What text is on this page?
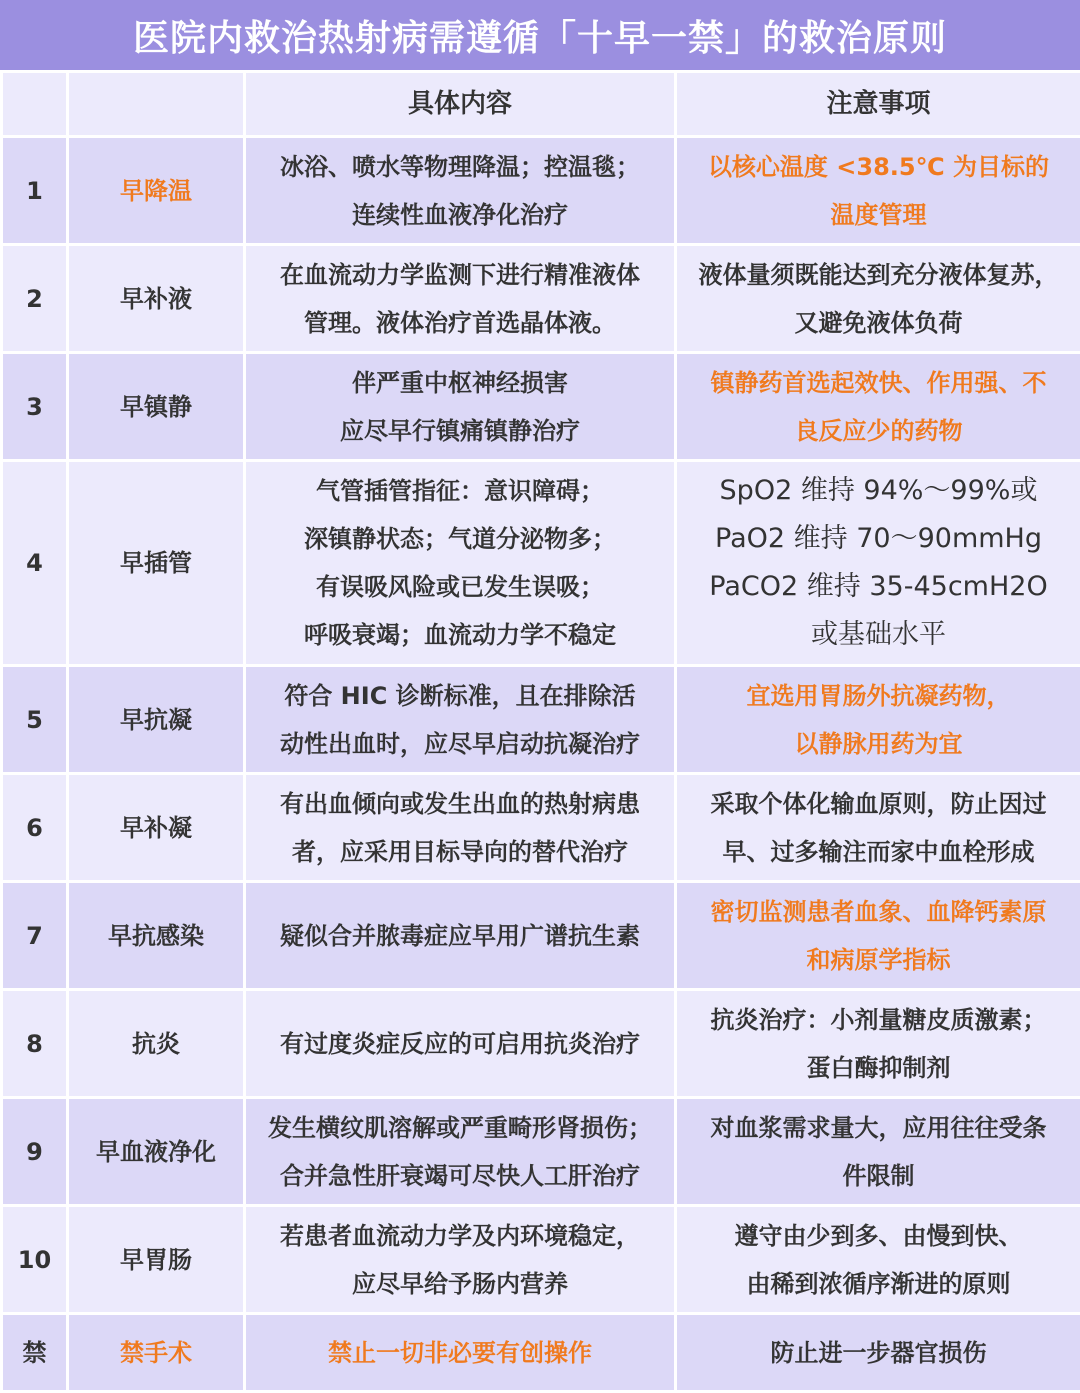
医院内救治热射病需遵循「十早一禁」的救治原则
		具体内容	注意事项
1	早降温	冰浴、喷水等物理降温；控温毯；
连续性血液净化治疗	以核心温度 <38.5℃ 为目标的
温度管理

2	早补液	在血流动力学监测下进行精准液体
管理。液体治疗首选晶体液。	液体量须既能达到充分液体复苏，
又避免液体负荷

3	早镇静	伴严重中枢神经损害
应尽早行镇痛镇静治疗	镇静药首选起效快、作用强、不
良反应少的药物

4	早插管	气管插管指征：意识障碍；
深镇静状态；气道分泌物多；
有误吸风险或已发生误吸；
呼吸衰竭；血流动力学不稳定	SpO2 维持 94%～99%或
PaO2 维持 70～90mmHg
PaCO2 维持 35-45cmH2O
或基础水平

5	早抗凝	符合 HIC 诊断标准，且在排除活
动性出血时，应尽早启动抗凝治疗	宜选用胃肠外抗凝药物，
以静脉用药为宜

6	早补凝	有出血倾向或发生出血的热射病患
者，应采用目标导向的替代治疗	采取个体化输血原则，防止因过
早、过多输注而家中血栓形成

7	早抗感染	疑似合并脓毒症应早用广谱抗生素	密切监测患者血象、血降钙素原
和病原学指标

8	抗炎	有过度炎症反应的可启用抗炎治疗	抗炎治疗：小剂量糖皮质激素；
蛋白酶抑制剂

9	早血液净化	发生横纹肌溶解或严重畸形肾损伤；
合并急性肝衰竭可尽快人工肝治疗	对血浆需求量大，应用往往受条
件限制

10	早胃肠	若患者血流动力学及内环境稳定，
应尽早给予肠内营养	遵守由少到多、由慢到快、
由稀到浓循序渐进的原则

禁	禁手术	禁止一切非必要有创操作	防止进一步器官损伤
